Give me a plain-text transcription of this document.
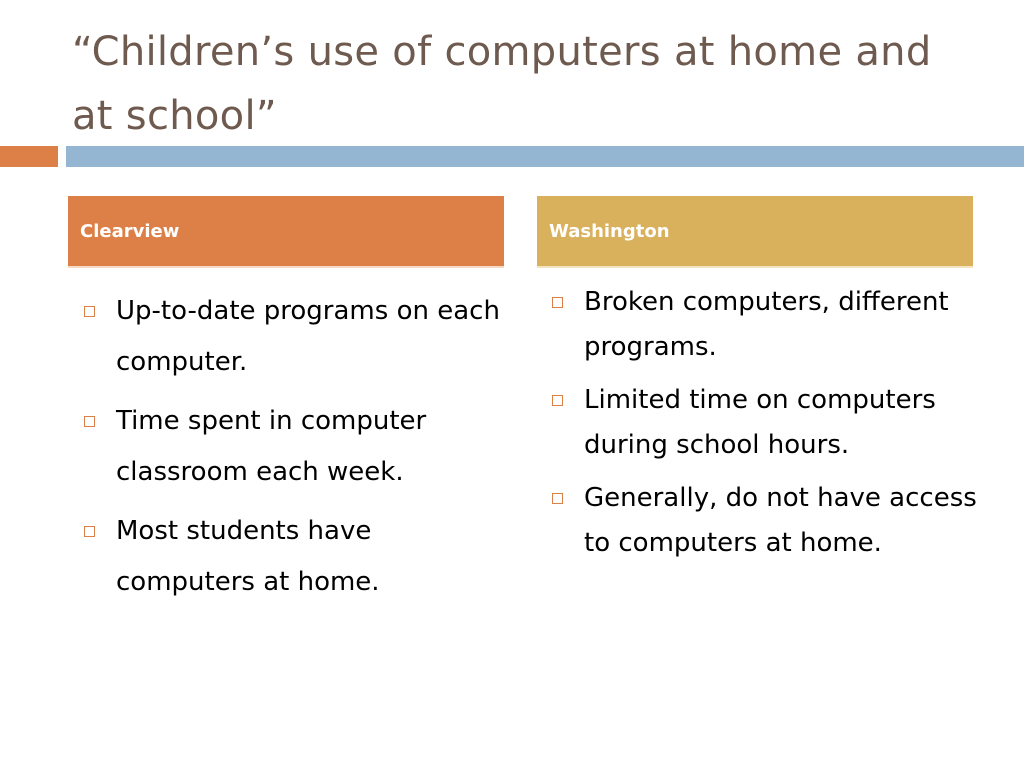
“Children’s use of computers at home and at school”
Clearview	Washington
Up-to-date programs on each computer.
Time spent in computer classroom each week.
Most students have computers at home.
Broken computers, different programs.
Limited time on computers during school hours.
Generally, do not have access to computers at home.
